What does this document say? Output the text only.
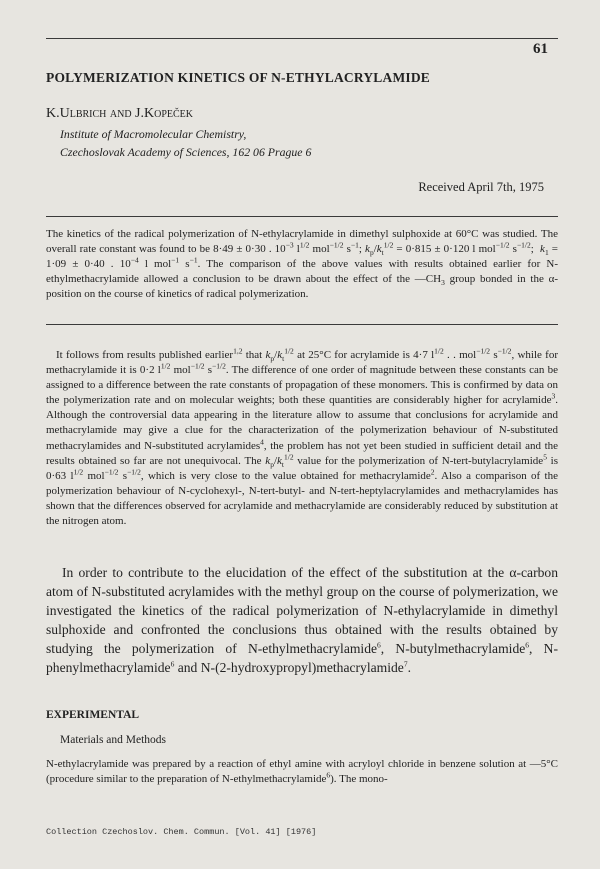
61
POLYMERIZATION KINETICS OF N-ETHYLACRYLAMIDE
K.Ulbrich and J.Kopeček
Institute of Macromolecular Chemistry,
Czechoslovak Academy of Sciences, 162 06 Prague 6
Received April 7th, 1975
The kinetics of the radical polymerization of N-ethylacrylamide in dimethyl sulphoxide at 60°C was studied. The overall rate constant was found to be 8·49 ± 0·30 . $10^{-3}$ $l^{1/2}$ mol$^{-1/2}$ $s^{-1}$; $k_p/k_t^{1/2} = 0\cdot 815 \pm 0\cdot 120$ l mol$^{-1/2}$ $s^{-1/2}$;  $k_1 = 1\cdot 09 \pm 0\cdot 40$ . $10^{-4}$ l mol$^{-1}$ $s^{-1}$. The comparison of the above values with results obtained earlier for N-ethylmethacrylamide allowed a conclusion to be drawn about the effect of the $—CH_3$ group bonded in the α-position on the course of kinetics of radical polymerization.
It follows from results published earlier$^{1,2}$ that $k_p/k_t^{1/2}$ at 25°C for acrylamide is 4·7 $l^{1/2}$ . . mol$^{-1/2}$ $s^{-1/2}$, while for methacrylamide it is 0·2 $l^{1/2}$ mol$^{-1/2}$ $s^{-1/2}$. The difference of one order of magnitude between these constants can be assigned to a difference between the rate constants of propagation of these monomers. This is confirmed by data on the polymerization rate and on molecular weights; both these quantities are considerably higher for acrylamide$^3$. Although the controversial data appearing in the literature allow to assume that conclusions for acrylamide and methacrylamide may give a clue for the characterization of the polymerization behaviour of N-substituted methacrylamides and N-substituted acrylamides$^4$, the problem has not yet been studied in sufficient detail and the results obtained so far are not unequivocal. The $k_p/k_t^{1/2}$ value for the polymerization of N-tert-butylacrylamide$^5$ is 0·63 $l^{1/2}$ mol$^{-1/2}$ $s^{-1/2}$, which is very close to the value obtained for methacrylamide$^2$. Also a comparison of the polymerization behaviour of N-cyclohexyl-, N-tert-butyl- and N-tert-heptylacrylamides and methacrylamides has shown that the differences observed for acrylamide and methacrylamide are considerably reduced by substitution at the nitrogen atom.
In order to contribute to the elucidation of the effect of the substitution at the α-carbon atom of N-substituted acrylamides with the methyl group on the course of polymerization, we investigated the kinetics of the radical polymerization of N-ethylacrylamide in dimethyl sulphoxide and confronted the conclusions thus obtained with the results obtained by studying the polymerization of N-ethylmethacrylamide$^6$, N-butylmethacrylamide$^6$, N-phenylmethacrylamide$^6$ and N-(2-hydroxypropyl)methacrylamide$^7$.
EXPERIMENTAL
Materials and Methods
N-ethylacrylamide was prepared by a reaction of ethyl amine with acryloyl chloride in benzene solution at —5°C (procedure similar to the preparation of N-ethylmethacrylamide$^6$). The mono-
Collection Czechoslov. Chem. Commun. [Vol. 41] [1976]
